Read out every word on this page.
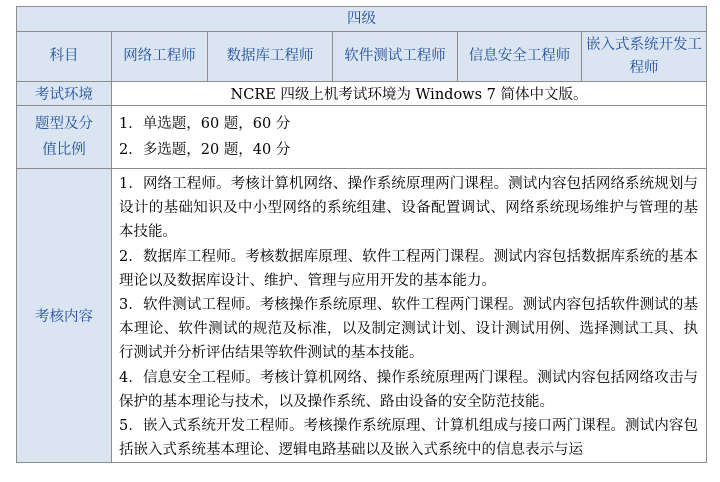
四级					
科目	网络工程师	数据库工程师	软件测试工程师	信息安全工程师	嵌入式系统开发工程师
考试环境	NCRE 四级上机考试环境为 Windows 7 简体中文版。				
题型及分值比例	1．单选题，60 题，60 分
2．多选题，20 题，40 分				

考核内容	1．网络工程师。考核计算机网络、操作系统原理两门课程。测试内容包括网络系统规划与设计的基础知识及中小型网络的系统组建、设备配置调试、网络系统现场维护与管理的基本技能。

2．数据库工程师。考核数据库原理、软件工程两门课程。测试内容包括数据库系统的基本理论以及数据库设计、维护、管理与应用开发的基本能力。

3．软件测试工程师。考核操作系统原理、软件工程两门课程。测试内容包括软件测试的基本理论、软件测试的规范及标准，以及制定测试计划、设计测试用例、选择测试工具、执行测试并分析评估结果等软件测试的基本技能。

4．信息安全工程师。考核计算机网络、操作系统原理两门课程。测试内容包括网络攻击与保护的基本理论与技术，以及操作系统、路由设备的安全防范技能。

5．嵌入式系统开发工程师。考核操作系统原理、计算机组成与接口两门课程。测试内容包括嵌入式系统基本理论、逻辑电路基础以及嵌入式系统中的信息表示与运				
